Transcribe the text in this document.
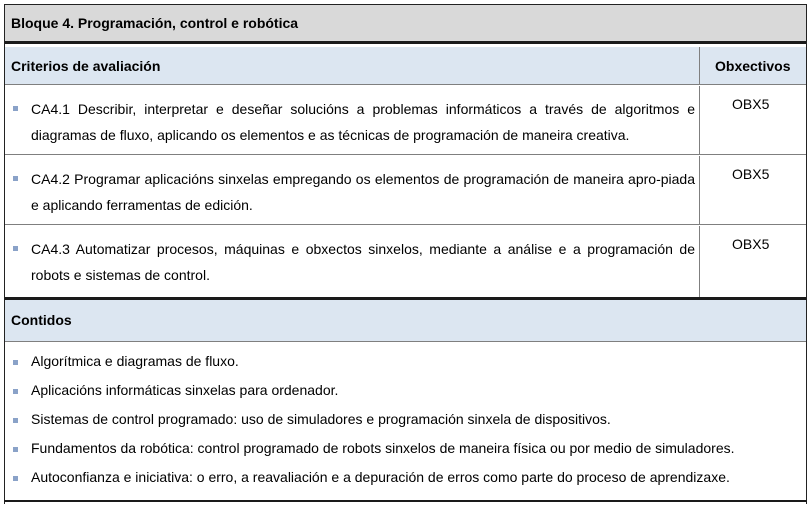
Bloque 4. Programación, control e robótica
Criterios de avaliación	Obxectivos
CA4.1 Describir, interpretar e deseñar solucións a problemas informáticos a través de algoritmos e diagramas de fluxo, aplicando os elementos e as técnicas de programación de maneira creativa.
OBX5
CA4.2 Programar aplicacións sinxelas empregando os elementos de programación de maneira apro-piada e aplicando ferramentas de edición.
OBX5
CA4.3 Automatizar procesos, máquinas e obxectos sinxelos, mediante a análise e a programación de robots e sistemas de control.
OBX5
Contidos
Algorítmica e diagramas de fluxo.
Aplicacións informáticas sinxelas para ordenador.
Sistemas de control programado: uso de simuladores e programación sinxela de dispositivos.
Fundamentos da robótica: control programado de robots sinxelos de maneira física ou por medio de simuladores.
Autoconfianza e iniciativa: o erro, a reavaliación e a depuración de erros como parte do proceso de aprendizaxe.
